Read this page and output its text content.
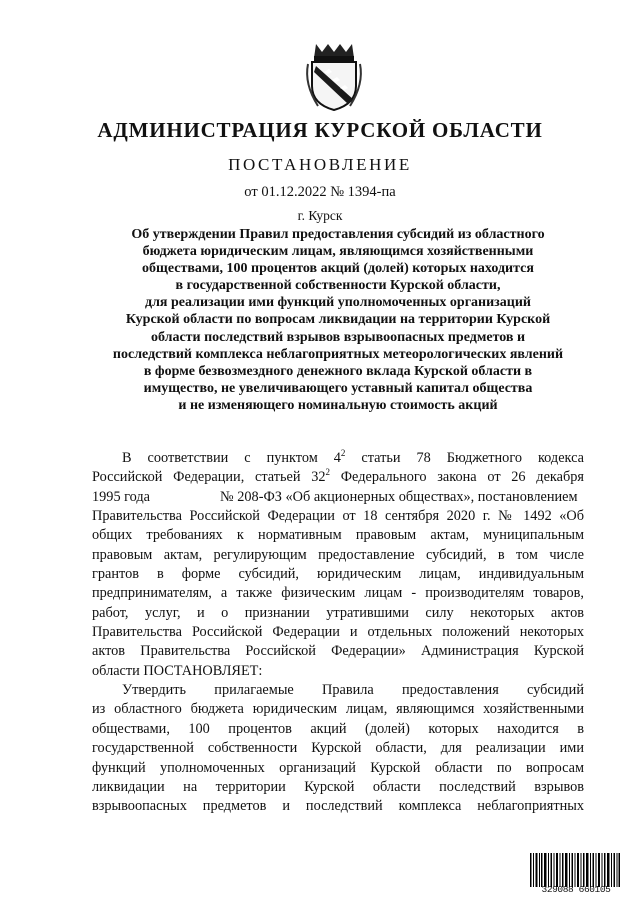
АДМИНИСТРАЦИЯ КУРСКОЙ ОБЛАСТИ
ПОСТАНОВЛЕНИЕ
от 01.12.2022 № 1394-па
г. Курск
Об утверждении Правил предоставления субсидий из областного
бюджета юридическим лицам, являющимся хозяйственными
обществами, 100 процентов акций (долей) которых находится
в государственной собственности Курской области,
для реализации ими функций уполномоченных организаций
Курской области по вопросам ликвидации на территории Курской
области последствий взрывов взрывоопасных предметов и
последствий комплекса неблагоприятных метеорологических явлений
в форме безвозмездного денежного вклада Курской области в
имущество, не увеличивающего уставный капитал общества
и не изменяющего номинальную стоимость акций
В соответствии с пунктом $4^2$ статьи 78 Бюджетного кодекса
Российской Федерации, статьей $32^2$ Федерального закона от 26 декабря
1995 года	№ 208-ФЗ «Об акционерных обществах», постановлением
Правительства Российской Федерации от 18 сентября 2020 г. № 1492 «Об
общих требованиях к нормативным правовым актам, муниципальным
правовым актам, регулирующим предоставление субсидий, в том числе
грантов в форме субсидий, юридическим лицам, индивидуальным
предпринимателям, а также физическим лицам - производителям товаров,
работ, услуг, и о признании утратившими силу некоторых актов
Правительства Российской Федерации и отдельных положений некоторых
актов Правительства Российской Федерации» Администрация Курской
области ПОСТАНОВЛЯЕТ:
Утвердить прилагаемые Правила предоставления субсидий
из областного бюджета юридическим лицам, являющимся хозяйственными
обществами, 100 процентов акций (долей) которых находится в
государственной собственности Курской области, для реализации ими
функций уполномоченных организаций Курской области по вопросам
ликвидации на территории Курской области последствий взрывов
взрывоопасных предметов и последствий комплекса неблагоприятных
329088 660105
